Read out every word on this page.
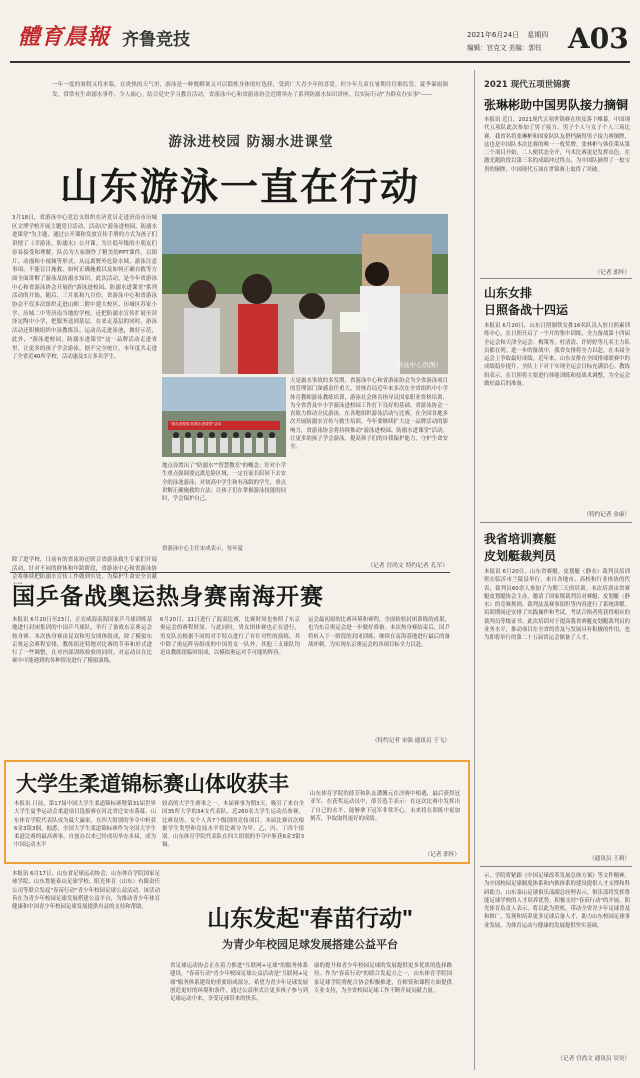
體育晨報 齐鲁竞技	2021年6月24日 星期四
编辑：宫克文 美编：郭钰 A03
一年一度的暑假又将来临，在炎热的天气里，游泳是一种既解暑又可以锻炼身体的好选择，受到广大青少年的喜爱。但少年儿童在暑期往往难监管，夏季暴雨频发，常常有生命溺水事件，令人痛心。结合党史学习教育活动，省游泳中心和省游泳协会近期举办了系列防溺水知识讲座，以实际行动"为群众办实事"——
游泳进校园 防溺水进课堂
山东游泳一直在行动
3月18日，省游泳中心党总支组织在济党员走进济南市历城区文博学校开展主题党日活动，活动以"游泳进校园，防溺水进课堂"为主题，通过公开课和发放宣传手册的方式为孩子们讲授了《幸游泳，防溺水》公开课。为让低年级的小朋友们容易接受和理解，队员为大家制作了精美的PPT课件，以图片、动漫和小视频等形式，从远离野外危险水域、游泳注意事项、不能盲目施救、如何正确施救以及如何正确自救等方面全面讲解了游泳及防溺水知识。此次活动，是今年省游泳中心和省游泳协会开展的"游泳进校园、防溺水进课堂"系列活动的开始。随后，三月底和九月份，省游泳中心和省游泳协会不仅多次组织走进山师二附中建大校区、历城区苏家小学、历城二中等济南当地的学校，还把防溺水宣传扩展至菏泽定陶中小学，把服务送到基层。在来走基层的同时，游泳活动还积极组织中泳教练员、运动员走进泳池，做好示范，此外，"游泳进校园，防溺水进课堂"这一品牌活动走进省里，让更多的孩子学会游泳。据不完全统计，本年度共走进了全省近40所学校，活动惠及3万多名学生。
除了进学校，日前有的省泳协还联合省游泳救生专家们开展活动，针对不同的群体和年龄阶段，省游泳中心和省游泳协会将继续把防溺水宣传工作做到实处，为保护生命安全贡献
（游泳中心供图）
"游泳进校园 防溺水进课堂"活动
地点设置出了"防溺水""智慧教室"的概念；针对小学生重点强调要远离危险区域，一定在家长陪同下去安全的泳池游泳；对初高中学生和有泳龄的学生，重点讲解正确施救的方法；让孩子们在掌握游泳技能的同时，学会保护自己。
省游泳中心主任宋成表示，每年夏
天是溺水事故的多发期，省游泳中心和省游泳协会为全省游泳项目的管理部门深感责任重大。省体育局近年来多次在全省组织中小学体育教师游泳教练培训，游泳社会体育指导员国家职业资格培训，为全省普及中小学游泳进校园工作打下良好的基础。省游泳协会一直致力推动全民游泳，在各地组织游泳活动与比赛，在全国各地多次开展防溺水宣传与救生培训，今年要继续扩大这一品牌活动的影响力，省游泳协会将持续推动"游泳进校园、防溺水进课堂"活动，让更多的孩子学会游泳，提高孩子们的自我保护能力，守护生命安全。
（记者 宫尚文 特约记者 孔军）
国乒备战奥运热身赛南海开赛
本报讯 6月20日至23日，正在威海南海国家乒乓球训练基地进行封闭集训的中国乒乓球队，举行了备战东京奥运会热身赛。本次热身赛由昆双和男女团体组成，除了模拟东京奥运会赛程安排，教练组还特地对比赛的节奏和形式进行了一些调整，在对内部训练检验的同时，对运动员在比赛中可能遇到的各种情况进行了模拟演练。
6月20日、21日进行了混双比赛，比赛时间也参照了东京奥运会的赛程时间。与此同时，男女团体赛也正在进行，男女队员根据不同的对手特点进行了有针对性的演练。其中除了奥运阵容组成的中国男女一队外，其他三支球队均是由教练组临时组成，以模拟奥运对手可能的阵容。
运会最初拟的比赛环境和赛程，全面检验封闭训练的成果，也为东京奥运会进一步做好准备。本次热身赛结束后，国乒将转入下一阶段的封闭训练，继续在南海基地进行最后的备战冲刺，为实现东京奥运会的各项目标全力以赴。
（特约记者 宋强 通讯员 于飞）
大学生柔道锦标赛山体收获丰
本报讯 日前，第17届中国大学生柔道锦标赛暨第31届世界大学生夏季运动会柔道项目选拔赛在河北省迁安市落幕。山东体育学院代表队成为最大赢家，在四大组别的争夺中斩获6金3银3铜。据悉，全国大学生柔道锦标赛作为全国大学生柔道比赛的最高赛事，自创办以来已经成功举办多届，成为中国运动水平
较高的大学生赛事之一。本届赛事为期3天，吸引了来自全国35所大学的34支代表队、近260名大学生运动员参赛，比赛设男、女个人各7个级别的竞技项目。本届比赛首次根据学生类型和竞技水平将比赛分为甲、乙、丙、丁四个组别。山东体育学院代表队在四大组别的争夺中斩获6金3银3铜。
山东体育学院的薛芳和队友潘馨元在决赛中相遇，最后获得冠亚军。在获奖运动员中，薛芳选手表示：在这次比赛中发挥出了自己的水平，能够拿下冠军非常开心。未来将在训练中更加刻苦，争取取得更好的成绩。
（记者 郭怀）
本报讯 6月17日，山东省足球运动协会、山东体育学院国家足球学院、山东鲁能泰山足球学校、阳光体育（山东）有限责任公司等联合发起"春苗行动"青少年校园足球公益活动。该活动旨在为青少年校园足球发展搭建公益平台，为推动青少年体育健康和中国青少年校园足球发展提供有益的支持和帮助。	山东发起"春苗行动"
为青少年校园足球发展搭建公益平台
省足球运动协会正在着力推进"互联网+足球"的服务体系建设，"春苗行动"青少年校园足球公益活动是"互联网+足球"服务体系建设的重要组成部分，希望为青少年足球发展创造更好的环境和条件，通过公益形式让更多孩子参与到足球运动中来，享受足球带来的快乐。
康的提升和青少年校园足球的发展提供更多优质的选择路径。作为"春苗行动"的联合发起方之一，山东体育学院国家足球学院将配合协会积极推进，在师资和课程方面提供专业支持，为全省校园足球工作不断开展贡献力量。
2021 现代五项世锦赛
张琳彬助中国男队接力摘铜
本报讯 近日，2021现代五项世锦赛在埃及落下帷幕。中国现代五项队此次参加了男子接力、男子个人与女子个人三场比赛。我省名将张琳彬和国家队队友搭档摘得男子接力赛铜牌，这也是中国队本次比赛的唯一一枚奖牌。张林彬与韩佳策从第二个项目开始，二人便状态全开，马术比赛更是发挥出色，在激光跑阶段以第三名的成绩冲过终点，为中国队摘得了一枚宝贵的铜牌，中国现代五项在世锦赛上取得了突破。
（记者 郭怀）
山东女排
日照备战十四运
本报讯 6月20日，山东日照制铁女排16名队员入驻日照素训练中心，在日照开启了一个月的集中训练，全力备战第十四届全运会和天津全运会。梅策等，杜清清、许婷婷等几名主力队员都在列。进一步的备战中，我省女排将全力以赴，在本届全运会上争取最好成绩。近年来，山东女排在全国排球联赛中的成绩稳步提升，全队上下对于实现全运会目标充满信心。教练组表示，在日照将主要进行体能训练和技战术调整，为全运会做好最后的准备。
（特约记者 金康）
我省培训赛艇
皮划艇裁判员
本报讯 6月20日，山东省赛艇、皮划艇（静水）裁判员培训班在临沂市兰陵县举行，来自各地市、高校和行业体协的代表，裁判员60余人参加了为期三天的培训。本次培训由省赛艇皮划艇协会主办，邀请了国家级裁判员对赛艇、皮划艇（静水）的竞赛规则、裁判法及赛事组织等内容进行了系统讲解。培训期间还安排了实践操作和考试，考试合格者将获得相应的裁判员等级证书。此次培训对于提高我省赛艇皮划艇裁判员的业务水平，推动项目在全省的普及与发展具有积极的作用，也为即将举行的第二十五届省运会储备了人才。
（通讯员 王莉）
示，学院将紧跟《中国足球改革发展总体方案》等文件精神，为中国校园足球制度体系和内推体系的建设提供人才支撑和科研助力。山东泰山足球俱乐部副总经理表示，俱乐部将发挥鲁能足球学校的人才培养优势，积极支持"春苗行动"的开展。阳光体育负责人表示，将以此为契机，带动全省青少年足球普及和推广，发现和培养更多足球后备人才，助力山东校园足球事业发展，为体育运动与健康的发展提供坚实基础。
（记者 宫尚文 通讯员 吴昊）
